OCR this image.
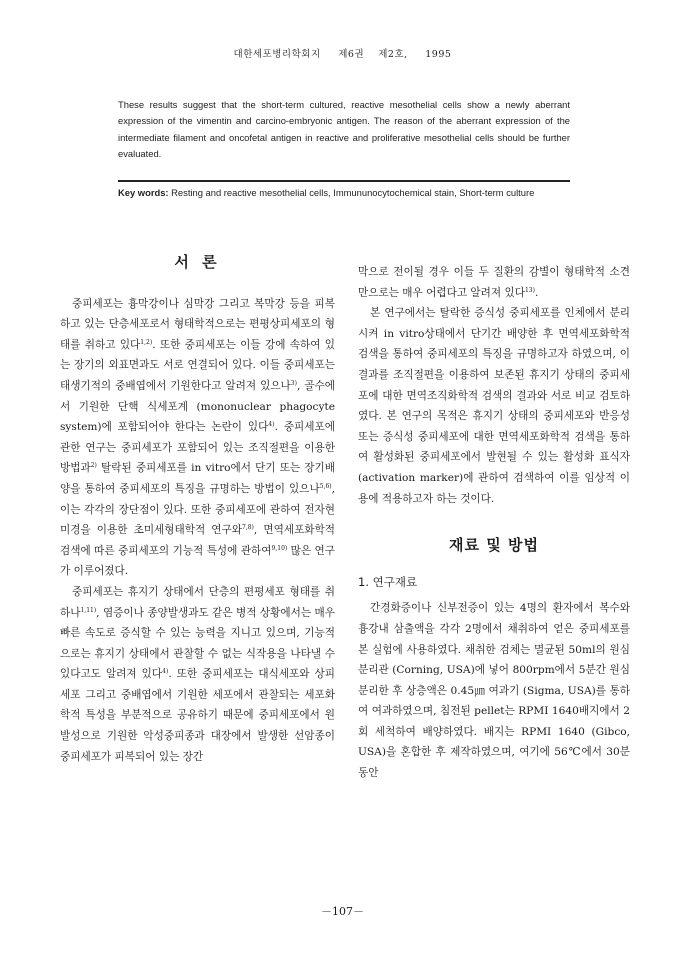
대한세포병리학회지 제6권 제2호, 1995
These results suggest that the short-term cultured, reactive mesothelial cells show a newly aberrant expression of the vimentin and carcino-embryonic antigen. The reason of the aberrant expression of the intermediate filament and oncofetal antigen in reactive and proliferative mesothelial cells should be further evaluated.
Key words: Resting and reactive mesothelial cells, Immununocytochemical stain, Short-term culture
서 론

중피세포는 흉막강이나 심막강 그리고 복막강 등을 피복하고 있는 단층세포로서 형태학적으로는 편평상피세포의 형태를 취하고 있다$^{1,2)}$. 또한 중피세포는 이들 강에 속하여 있는 장기의 외표면과도 서로 연결되어 있다. 이들 중피세포는 태생기적의 중배엽에서 기원한다고 알려져 있으나$^{3)}$, 골수에서 기원한 단핵 식세포계 (mononuclear phagocyte system)에 포함되어야 한다는 논란이 있다$^{4)}$. 중피세포에 관한 연구는 중피세포가 포함되어 있는 조직절편을 이용한 방법과$^{2)}$ 탈락된 중피세포를 in vitro에서 단기 또는 장기배양을 통하여 중피세포의 특징을 규명하는 방법이 있으나$^{5,6)}$, 이는 각각의 장단점이 있다. 또한 중피세포에 관하여 전자현미경을 이용한 초미세형태학적 연구와$^{7,8)}$, 면역세포화학적 검색에 따른 중피세포의 기능적 특성에 관하여$^{9,10)}$ 많은 연구가 이루어졌다.

중피세포는 휴지기 상태에서 단층의 편평세포 형태를 취하나$^{1,11)}$, 염증이나 종양발생과도 같은 병적 상황에서는 매우 빠른 속도로 증식할 수 있는 능력을 지니고 있으며, 기능적으로는 휴지기 상태에서 관찰할 수 없는 식작용을 나타낼 수 있다고도 알려져 있다$^{4)}$. 또한 중피세포는 대식세포와 상피세포 그리고 중배엽에서 기원한 세포에서 관찰되는 세포화학적 특성을 부분적으로 공유하기 때문에 중피세포에서 원발성으로 기원한 악성중피종과 대장에서 발생한 선암종이 중피세포가 피복되어 있는 장간

막으로 전이될 경우 이들 두 질환의 감별이 형태학적 소견만으로는 매우 어렵다고 알려져 있다$^{13)}$.

본 연구에서는 탈락한 증식성 중피세포를 인체에서 분리시켜 in vitro상태에서 단기간 배양한 후 면역세포화학적 검색을 통하여 중피세포의 특징을 규명하고자 하였으며, 이 결과를 조직절편을 이용하여 보존된 휴지기 상태의 중피세포에 대한 면역조직화학적 검색의 결과와 서로 비교 검토하였다. 본 연구의 목적은 휴지기 상태의 중피세포와 반응성 또는 증식성 중피세포에 대한 면역세포화학적 검색을 통하여 활성화된 중피세포에서 발현될 수 있는 활성화 표식자(activation marker)에 관하여 검색하여 이를 임상적 이용에 적용하고자 하는 것이다.

재료 및 방법
1. 연구재료

간경화증이나 신부전증이 있는 4명의 환자에서 복수와 흉강내 삼출액을 각각 2명에서 채취하여 얻은 중피세포를 본 실험에 사용하였다. 채취한 검체는 멸균된 50ml의 원심분리관 (Corning, USA)에 넣어 800rpm에서 5분간 원심분리한 후 상층액은 0.45㎛ 여과기 (Sigma, USA)를 통하여 여과하였으며, 침전된 pellet는 RPMI 1640배지에서 2회 세척하여 배양하였다. 배지는 RPMI 1640 (Gibco, USA)을 혼합한 후 제작하였으며, 여기에 56℃에서 30분동안

－107－
